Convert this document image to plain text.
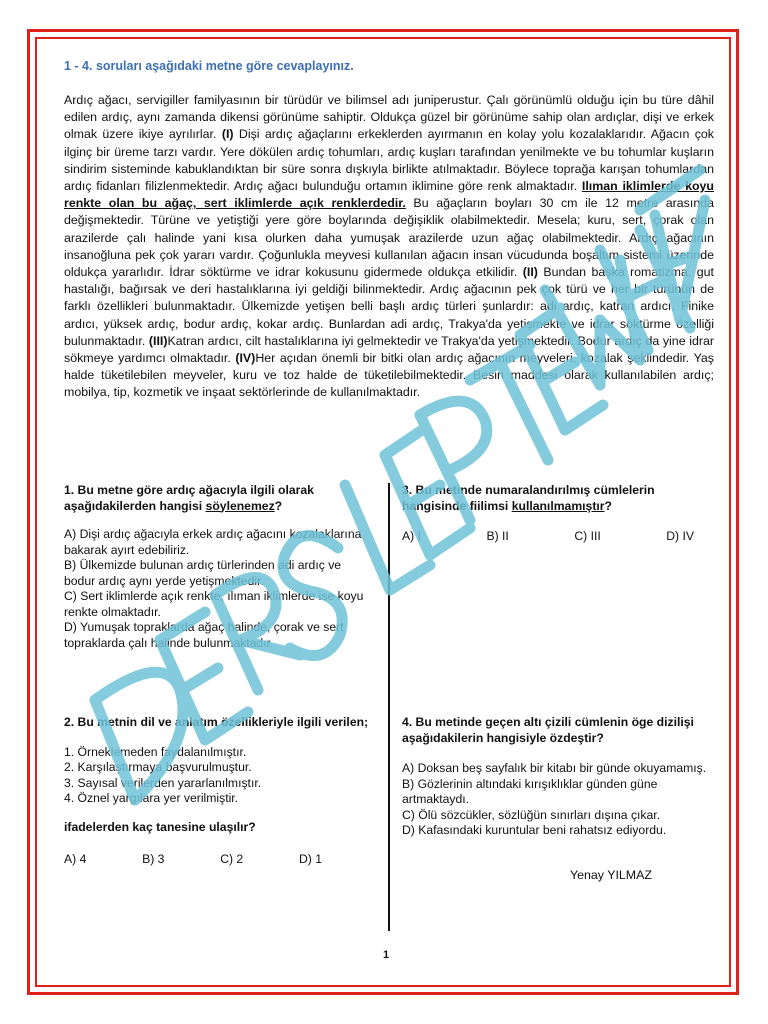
1 - 4. soruları aşağıdaki metne göre cevaplayınız.

Ardıç ağacı, servigiller familyasının bir türüdür ve bilimsel adı juniperustur. Çalı görünümlü olduğu için bu türe dâhil edilen ardıç, aynı zamanda dikensi görünüme sahiptir. Oldukça güzel bir görünüme sahip olan ardıçlar, dişi ve erkek olmak üzere ikiye ayrılırlar. (I) Dişi ardıç ağaçlarını erkeklerden ayırmanın en kolay yolu kozalaklarıdır. Ağacın çok ilginç bir üreme tarzı vardır. Yere dökülen ardıç tohumları, ardıç kuşları tarafından yenilmekte ve bu tohumlar kuşların sindirim sisteminde kabuklandıktan bir süre sonra dışkıyla birlikte atılmaktadır. Böylece toprağa karışan tohumlardan ardıç fidanları filizlenmektedir. Ardıç ağacı bulunduğu ortamın iklimine göre renk almaktadır. Ilıman iklimlerde koyu renkte olan bu ağaç, sert iklimlerde açık renklerdedir. Bu ağaçların boyları 30 cm ile 12 metre arasında değişmektedir. Türüne ve yetiştiği yere göre boylarında değişiklik olabilmektedir. Mesela; kuru, sert, çorak olan arazilerde çalı halinde yani kısa olurken daha yumuşak arazilerde uzun ağaç olabilmektedir. Ardıç ağacının insanoğluna pek çok yararı vardır. Çoğunlukla meyvesi kullanılan ağacın insan vücudunda boşaltım sistemi üzerinde oldukça yararlıdır. İdrar söktürme ve idrar kokusunu gidermede oldukça etkilidir. (II) Bundan başka romatizma, gut hastalığı, bağırsak ve deri hastalıklarına iyi geldiği bilinmektedir. Ardıç ağacının pek çok türü ve her bir türünün de farklı özellikleri bulunmaktadır. Ülkemizde yetişen belli başlı ardıç türleri şunlardır: adi ardıç, katran ardıcı, Finike ardıcı, yüksek ardıç, bodur ardıç, kokar ardıç. Bunlardan adi ardıç, Trakya'da yetişmekte ve idrar söktürme özelliği bulunmaktadır. (III)Katran ardıcı, cilt hastalıklarına iyi gelmektedir ve Trakya'da yetişmektedir. Bodur ardıç da yine idrar sökmeye yardımcı olmaktadır. (IV)Her açıdan önemli bir bitki olan ardıç ağacının meyveleri, kozalak şeklindedir. Yaş halde tüketilebilen meyveler, kuru ve toz halde de tüketilebilmektedir. Besin maddesi olarak kullanılabilen ardıç; mobilya, tip, kozmetik ve inşaat sektörlerinde de kullanılmaktadır.

1. Bu metne göre ardıç ağacıyla ilgili olarak aşağıdakilerden hangisi söylenemez?

A) Dişi ardıç ağacıyla erkek ardıç ağacını kozalaklarına bakarak ayırt edebiliriz.
B) Ülkemizde bulunan ardıç türlerinden adi ardıç ve bodur ardıç aynı yerde yetişmektedir.
C) Sert iklimlerde açık renkte, ılıman iklimlerde ise koyu renkte olmaktadır.
D) Yumuşak topraklarda ağaç halinde, çorak ve sert topraklarda çalı halinde bulunmaktadır.

3. Bu metinde numaralandırılmış cümlelerin hangisinde fiilimsi kullanılmamıştır?

A) I	B) II	C) III	D) IV

2. Bu metnin dil ve anlatım özellikleriyle ilgili verilen;

1. Örneklemeden faydalanılmıştır.
2. Karşılaştırmaya başvurulmuştur.
3. Sayısal verilerden yararlanılmıştır.
4. Öznel yargılara yer verilmiştir.

ifadelerden kaç tanesine ulaşılır?

A) 4	B) 3	C) 2	D) 1

4. Bu metinde geçen altı çizili cümlenin öge dizilişi aşağıdakilerin hangisiyle özdeştir?

A) Doksan beş sayfalık bir kitabı bir günde okuyamamış.
B) Gözlerinin altındaki kırışıklıklar günden güne artmaktaydı.
C) Ölü sözcükler, sözlüğün sınırları dışına çıkar.
D) Kafasındaki kuruntular beni rahatsız ediyordu.
Yenay YILMAZ
1
